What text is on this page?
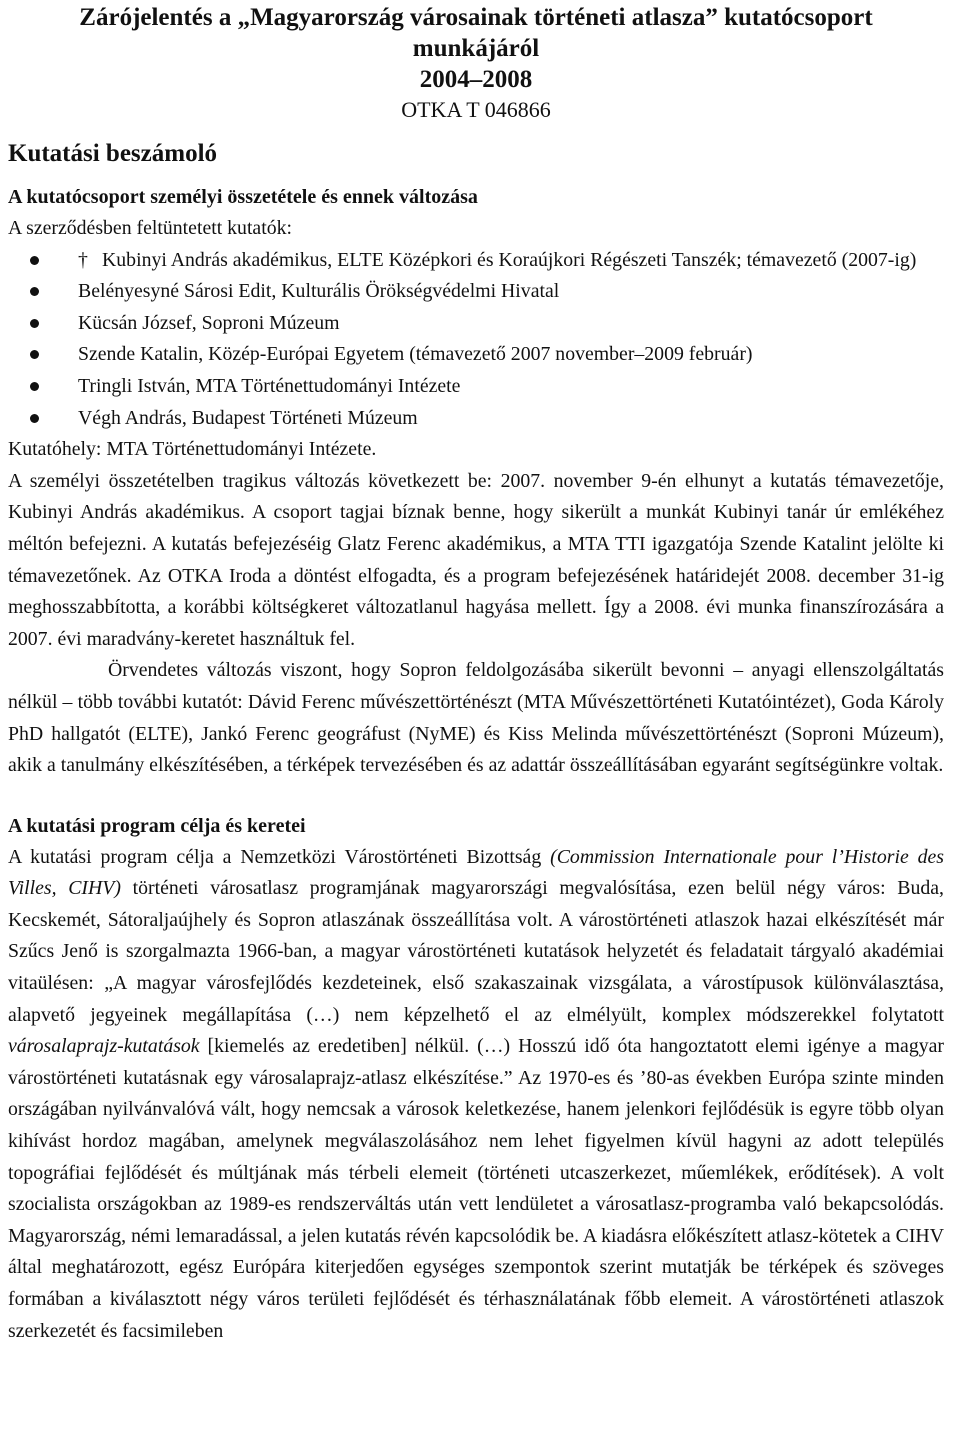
Zárójelentés a „Magyarország városainak történeti atlasza” kutatócsoport
munkájáról
2004–2008
OTKA T 046866
Kutatási beszámoló
A kutatócsoport személyi összetétele és ennek változása

A szerződésben feltüntetett kutatók:

† Kubinyi András akadémikus, ELTE Középkori és Koraújkori Régészeti Tanszék; témavezető (2007-ig)
Belényesyné Sárosi Edit, Kulturális Örökségvédelmi Hivatal
Kücsán József, Soproni Múzeum
Szende Katalin, Közép-Európai Egyetem (témavezető 2007 november–2009 február)
Tringli István, MTA Történettudományi Intézete
Végh András, Budapest Történeti Múzeum

Kutatóhely: MTA Történettudományi Intézete.

A személyi összetételben tragikus változás következett be: 2007. november 9-én elhunyt a kutatás témavezetője, Kubinyi András akadémikus. A csoport tagjai bíznak benne, hogy sikerült a munkát Kubinyi tanár úr emlékéhez méltón befejezni. A kutatás befejezéséig Glatz Ferenc akadémikus, a MTA TTI igazgatója Szende Katalint jelölte ki témavezetőnek. Az OTKA Iroda a döntést elfogadta, és a program befejezésének határidejét 2008. december 31-ig meghosszabbította, a korábbi költségkeret változatlanul hagyása mellett. Így a 2008. évi munka finanszírozására a 2007. évi maradvány-keretet használtuk fel.

Örvendetes változás viszont, hogy Sopron feldolgozásába sikerült bevonni – anyagi ellenszolgáltatás nélkül – több további kutatót: Dávid Ferenc művészettörténészt (MTA Művészettörténeti Kutatóintézet), Goda Károly PhD hallgatót (ELTE), Jankó Ferenc geográfust (NyME) és Kiss Melinda művészettörténészt (Soproni Múzeum), akik a tanulmány elkészítésében, a térképek tervezésében és az adattár összeállításában egyaránt segítségünkre voltak.

A kutatási program célja és keretei

A kutatási program célja a Nemzetközi Várostörténeti Bizottság (Commission Internationale pour l’Historie des Villes, CIHV) történeti városatlasz programjának magyarországi megvalósítása, ezen belül négy város: Buda, Kecskemét, Sátoraljaújhely és Sopron atlaszának összeállítása volt. A várostörténeti atlaszok hazai elkészítését már Szűcs Jenő is szorgalmazta 1966-ban, a magyar várostörténeti kutatások helyzetét és feladatait tárgyaló akadémiai vitaülésen: „A magyar városfejlődés kezdeteinek, első szakaszainak vizsgálata, a várostípusok különválasztása, alapvető jegyeinek megállapítása (…) nem képzelhető el az elmélyült, komplex módszerekkel folytatott városalaprajz-kutatások [kiemelés az eredetiben] nélkül. (…) Hosszú idő óta hangoztatott elemi igénye a magyar várostörténeti kutatásnak egy városalaprajz-atlasz elkészítése.” Az 1970-es és ’80-as években Európa szinte minden országában nyilvánvalóvá vált, hogy nemcsak a városok keletkezése, hanem jelenkori fejlődésük is egyre több olyan kihívást hordoz magában, amelynek megválaszolásához nem lehet figyelmen kívül hagyni az adott település topográfiai fejlődését és múltjának más térbeli elemeit (történeti utcaszerkezet, műemlékek, erődítések). A volt szocialista országokban az 1989-es rendszerváltás után vett lendületet a városatlasz-programba való bekapcsolódás. Magyarország, némi lemaradással, a jelen kutatás révén kapcsolódik be. A kiadásra előkészített atlasz-kötetek a CIHV által meghatározott, egész Európára kiterjedően egységes szempontok szerint mutatják be térképek és szöveges formában a kiválasztott négy város területi fejlődését és térhasználatának főbb elemeit. A várostörténeti atlaszok szerkezetét és facsimileben
